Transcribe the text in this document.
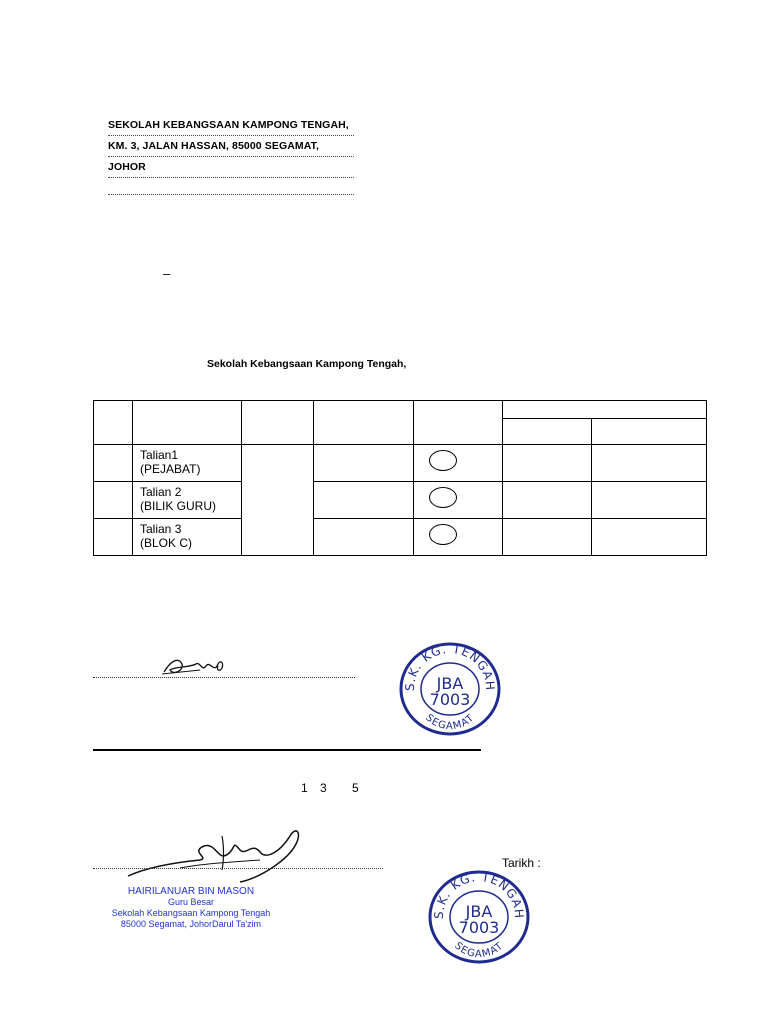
SEKOLAH KEBANGSAAN KAMPONG TENGAH,
KM. 3, JALAN HASSAN, 85000 SEGAMAT,
JOHOR
–
Sekolah Kebangsaan Kampong Tengah,

	Talian1
(PEJABAT)					

	Talian 2
(BILIK GURU)					

	Talian 3
(BLOK C)					

S.K. KG. TENGAH
SEGAMAT
JBA
7003
1 3 5
Tarikh :
HAIRILANUAR BIN MASON
Guru Besar
Sekolah Kebangsaan Kampong Tengah
85000 Segamat, JohorDarul Ta'zim
S.K. KG. TENGAH
SEGAMAT
JBA
7003
